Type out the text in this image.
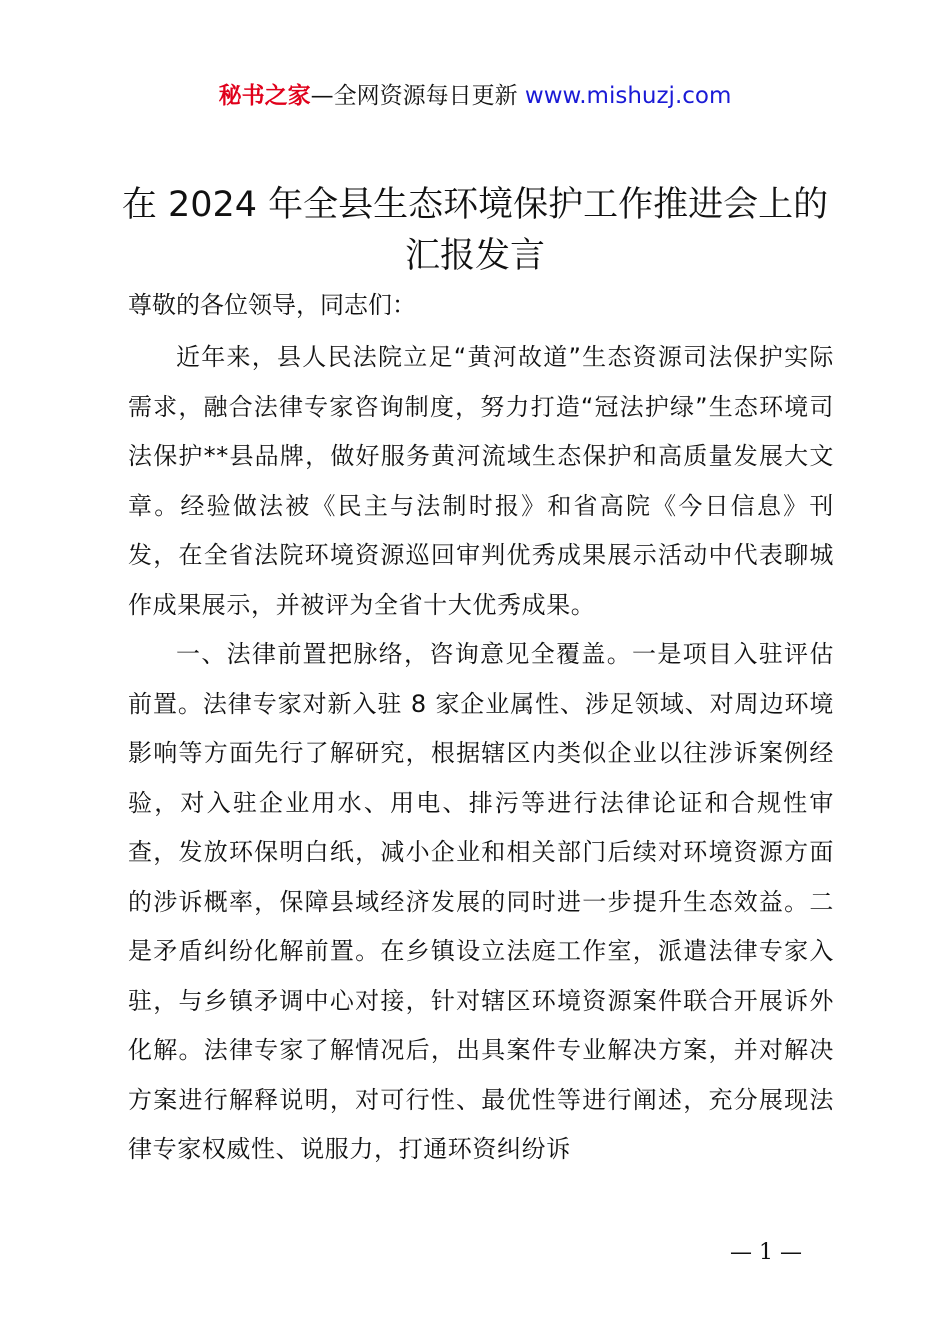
秘书之家—全网资源每日更新 www.mishuzj.com
在 2024 年全县生态环境保护工作推进会上的
汇报发言
尊敬的各位领导，同志们：

近年来，县人民法院立足“黄河故道”生态资源司法保护实际需求，融合法律专家咨询制度，努力打造“冠法护绿”生态环境司法保护**县品牌，做好服务黄河流域生态保护和高质量发展大文章。经验做法被《民主与法制时报》和省高院《今日信息》刊发，在全省法院环境资源巡回审判优秀成果展示活动中代表聊城作成果展示，并被评为全省十大优秀成果。

一、法律前置把脉络，咨询意见全覆盖。一是项目入驻评估前置。法律专家对新入驻 8 家企业属性、涉足领域、对周边环境影响等方面先行了解研究，根据辖区内类似企业以往涉诉案例经验，对入驻企业用水、用电、排污等进行法律论证和合规性审查，发放环保明白纸，减小企业和相关部门后续对环境资源方面的涉诉概率，保障县域经济发展的同时进一步提升生态效益。二是矛盾纠纷化解前置。在乡镇设立法庭工作室，派遣法律专家入驻，与乡镇矛调中心对接，针对辖区环境资源案件联合开展诉外化解。法律专家了解情况后，出具案件专业解决方案，并对解决方案进行解释说明，对可行性、最优性等进行阐述，充分展现法律专家权威性、说服力，打通环资纠纷诉

— 1 —
